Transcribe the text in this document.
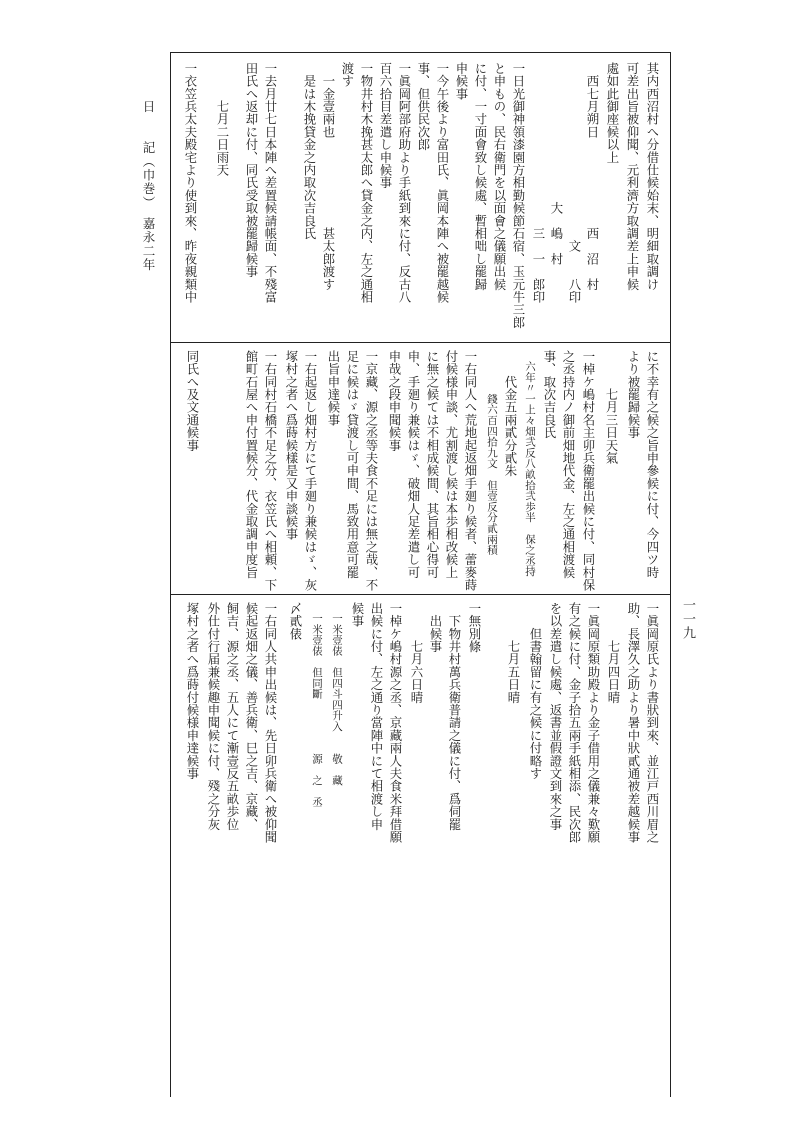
日　　記（巾巻）　嘉永二年
一一九
其内西沼村へ分借仕候始末、明細取調け
可差出旨被仰聞、元利濟方取調差上申候
處如此御座候以上
　西七月朔日　　　　　　　西　沼　村
　　　　　　　　　　　　　　文　　八印
　　　　　　　　　　　大　嶋　村
　　　　　　　　　　　　　三　一　郎印
一日光御神領漆園方相勤候節石宿、玉元牛三郎
と申もの、民右衛門を以面會之儀願出候
に付、一寸面會致し候處、暫相咄し罷歸
申候事
一今午後より富田氏、眞岡本陣へ被罷越候
事、但供民次郎
一眞岡阿部府助より手紙到來に付、反古八
百六拾目差遣し申候事
一物井村木挽甚太郎へ貸金之内、左之通相
渡す
　一金壹兩也　　　　　　　甚太郎渡す
　是は木挽貸金之内取次吉良氏
一去月廿七日本陣へ差置候請帳面、不殘富
田氏へ返却に付、同氏受取被罷歸候事
　　　七月二日雨天
一衣笠兵太夫殿宅より使到來、昨夜親類中
に不幸有之候之旨申參候に付、今四ツ時
より被罷歸候事
　　　七月三日天氣
一棹ケ嶋村名主卯兵衛罷出候に付、同村保
之丞持内ノ御前畑地代金、左之通相渡候
事、取次吉良氏
　六年〃一上々畑弐反八畝拾弐歩半　保之丞持
　　代金五兩貳分貳朱
　　　　錢六百四拾九文　但壹反分貳兩積
一右同人へ荒地起返畑手廻り候者、蕾麥蒔
付候様申談、尤割渡し候は本歩相改候上
に無之候ては不相成候間、其旨相心得可
申、手廻り兼候はゞ、破畑人足差遣し可
申哉之段申聞候事
一京藏、源之丞等夫食不足には無之哉、不
足に候はゞ貸渡し可申間、馬致用意可罷
出旨申達候事
一右起返し畑村方にて手廻り兼候はゞ、灰
塚村之者へ爲蒔候樣是又申談候事
一右同村石橋不足之分、衣笠氏へ相頼、下
館町石屋へ申付置候分、代金取調申度旨
同氏へ及文通候事
一眞岡原氏より書狀到來、並江戸西川眉之
助、長澤久之助より暑中狀貳通被差越候事
　　　七月四日晴
一眞岡原類助殿より金子借用之儀兼々歎願
有之候に付、金子拾五兩手紙相添、民次郎
を以差遣し候處、返書並假證文到來之事
　　但書翰留に有之候に付略す
　　　七月五日晴
一無別條
　下物井村萬兵衛普請之儀に付、爲伺罷
　出候事
　　　七月六日晴
一棹ケ嶋村源之丞、京藏兩人夫食米拜借願
出候に付、左之通り當陣中にて相渡し申
候事
　一米壹俵　但四斗四升入　　敬　藏
　一米壹俵　但同斷　　　　　源　之　丞
〆貳俵
一右同人共申出候は、先日卯兵衛へ被仰聞
候起返畑之儀、善兵衛、巳之吉、京藏、
飼吉、源之丞、五人にて漸壹反五畝歩位
外仕付行届兼候趣申聞候に付、殘之分灰
塚村之者へ爲蒔付候様申達候事
